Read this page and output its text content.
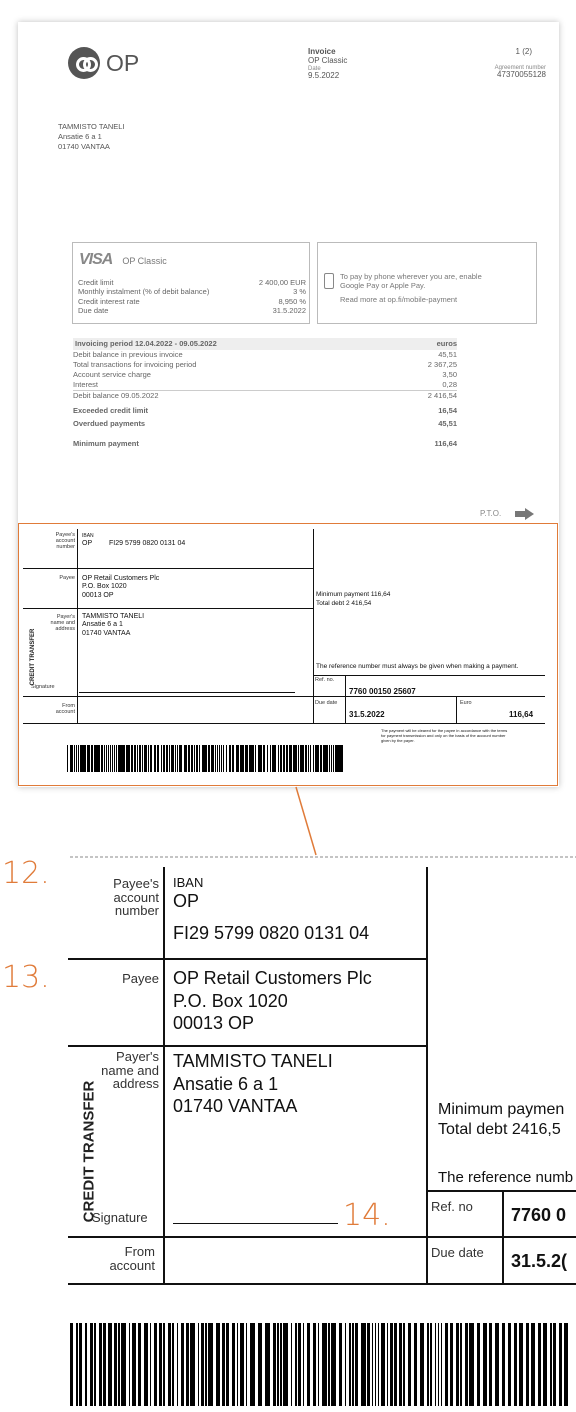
OP	Invoice
OP Classic
Date
9.5.2022
1 (2)
Agreement number
47370055128
TAMMISTO TANELI
Ansatie 6 a 1
01740 VANTAA
VISA OP Classic
Credit limit	2 400,00 EUR
Monthly instalment (% of debit balance)	3 %
Credit interest rate	8,950 %
Due date	31.5.2022
To pay by phone wherever you are, enable
Google Pay or Apple Pay.
Read more at op.fi/mobile-payment
Invoicing period 12.04.2022 - 09.05.2022	euros
Debit balance in previous invoice	45,51
Total transactions for invoicing period	2 367,25
Account service charge	3,50
Interest	0,28
Debit balance 09.05.2022	2 416,54
Exceeded credit limit	16,54
Overdued payments	45,51
Minimum payment	116,64
P.T.O.
Payee's account number
IBAN
OP FI29 5799 0820 0131 04
Payee OP Retail Customers Plc
P.O. Box 1020
00013 OP
Payer's name and address
TAMMISTO TANELI
Ansatie 6 a 1
01740 VANTAA
CREDIT TRANSFER
Minimum payment 116,64
Total debt 2 416,54
The reference number must always be given when making a payment.
Signature
Ref. no.
7760 00150 25607
From account
Due date
31.5.2022
Euro
116,64
The payment will be cleared for the payee in accordance with the terms for payment transmission and only on the basis of the account number given by the payer.
12.
13.
14.
Payee's account number
IBAN
OP
FI29 5799 0820 0131 04
Payee OP Retail Customers Plc
P.O. Box 1020
00013 OP
Payer's name and address
TAMMISTO TANELI
Ansatie 6 a 1
01740 VANTAA
CREDIT TRANSFER	Minimum paymen
Total debt 2416,5
The reference numb
Signature
Ref. no 7760 0
From account
Due date 31.5.2(
